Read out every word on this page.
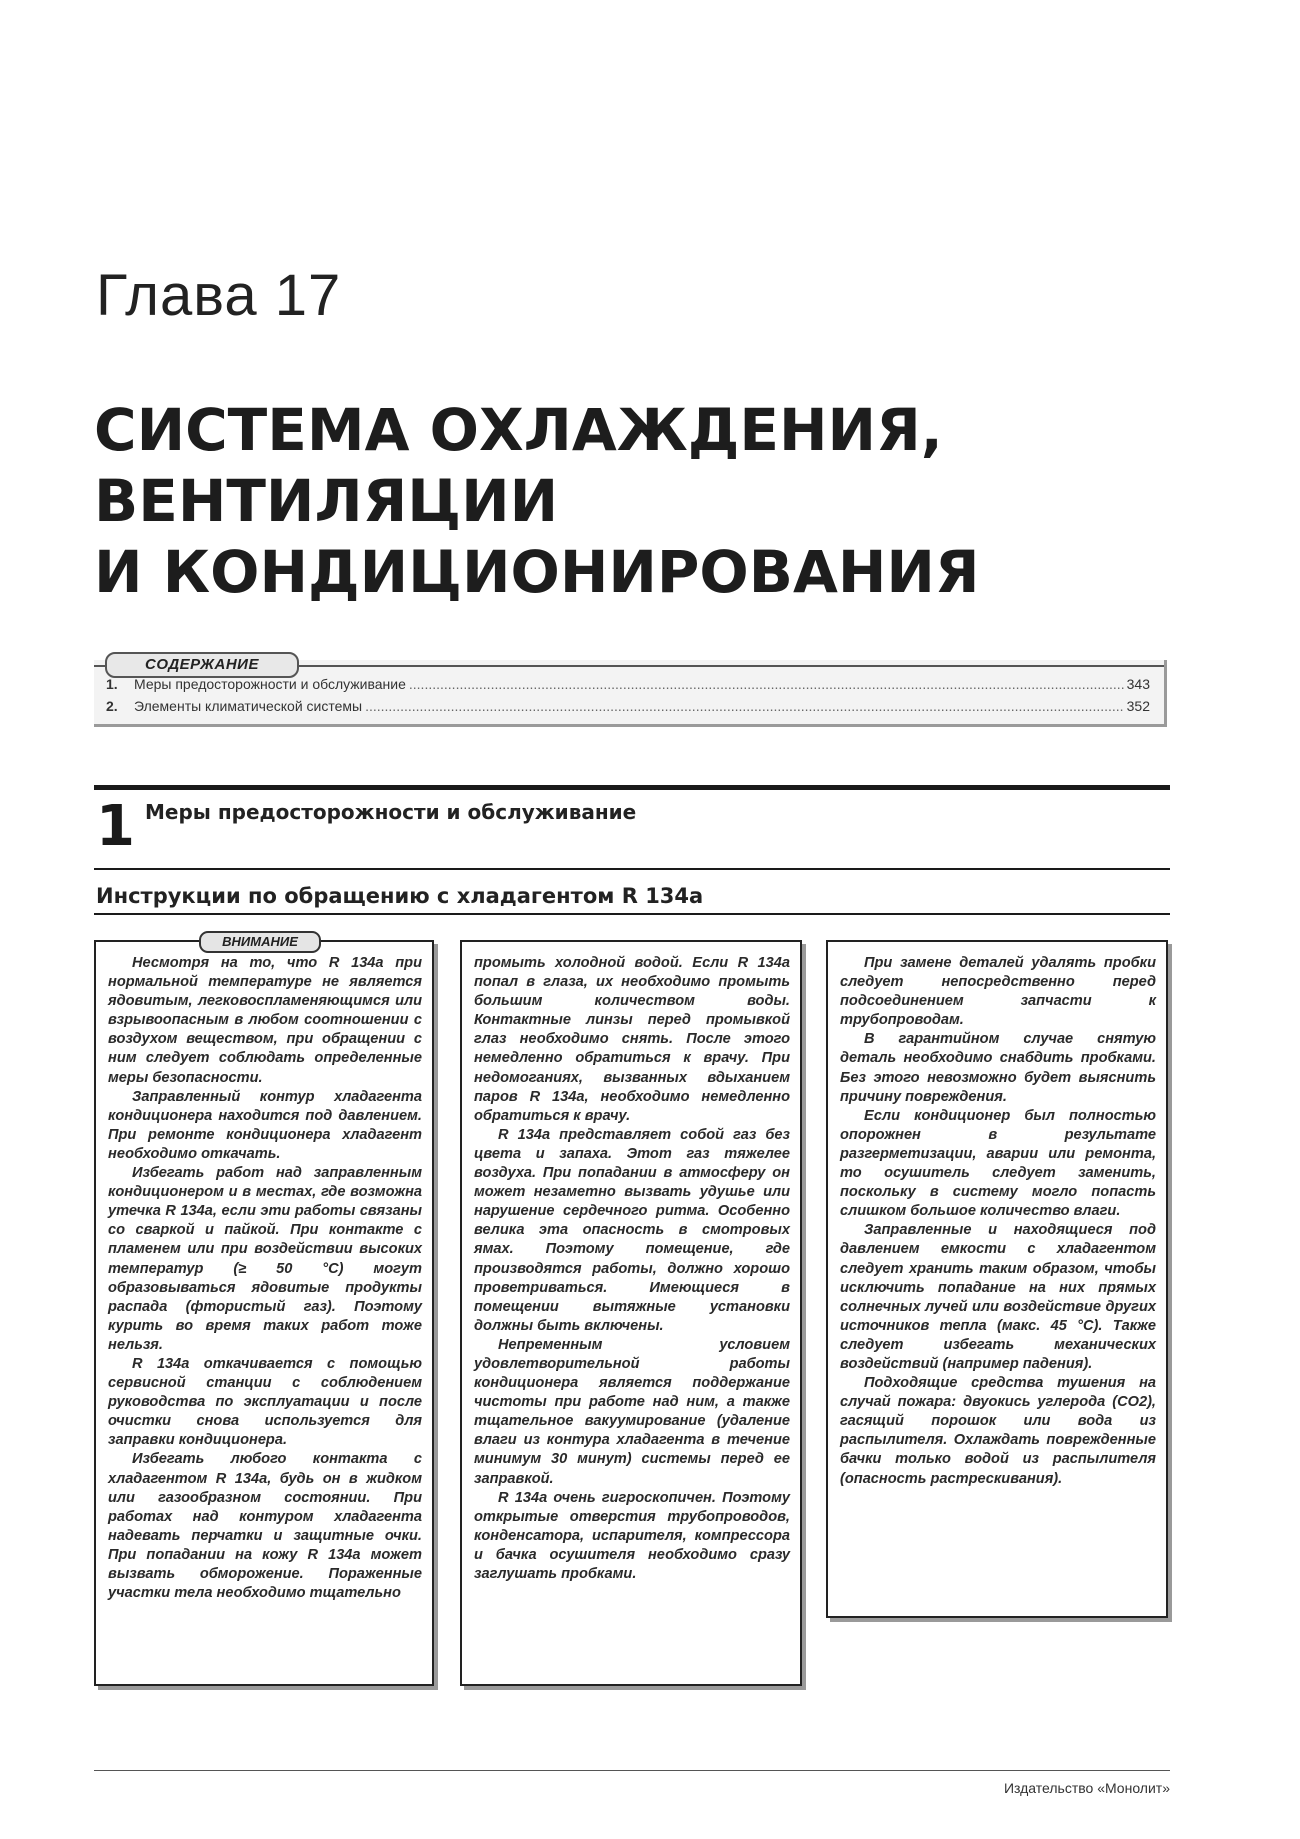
Глава 17
СИСТЕМА ОХЛАЖДЕНИЯ,
ВЕНТИЛЯЦИИ
И КОНДИЦИОНИРОВАНИЯ
СОДЕРЖАНИЕ
1.	Меры предосторожности и обслуживание .....	343
2.	Элементы климатической системы .....	352
1 Меры предосторожности и обслуживание
Инструкции по обращению с хладагентом R 134a
ВНИМАНИЕ

Несмотря на то, что R 134a при нормальной температуре не является ядовитым, легковоспламеняющимся или взрывоопасным в любом соотношении с воздухом веществом, при обращении с ним следует соблюдать определенные меры безопасности.

Заправленный контур хладагента кондиционера находится под давлением. При ремонте кондиционера хладагент необходимо откачать.

Избегать работ над заправленным кондиционером и в местах, где возможна утечка R 134a, если эти работы связаны со сваркой и пайкой. При контакте с пламенем или при воздействии высоких температур (≥ 50 °C) могут образовываться ядовитые продукты распада (фтористый газ). Поэтому курить во время таких работ тоже нельзя.

R 134a откачивается с помощью сервисной станции с соблюдением руководства по эксплуатации и после очистки снова используется для заправки кондиционера.

Избегать любого контакта с хладагентом R 134a, будь он в жидком или газообразном состоянии. При работах над контуром хладагента надевать перчатки и защитные очки. При попадании на кожу R 134a может вызвать обморожение. Пораженные участки тела необходимо тщательно

промыть холодной водой. Если R 134a попал в глаза, их необходимо промыть большим количеством воды. Контактные линзы перед промывкой глаз необходимо снять. После этого немедленно обратиться к врачу. При недомоганиях, вызванных вдыханием паров R 134a, необходимо немедленно обратиться к врачу.

R 134a представляет собой газ без цвета и запаха. Этот газ тяжелее воздуха. При попадании в атмосферу он может незаметно вызвать удушье или нарушение сердечного ритма. Особенно велика эта опасность в смотровых ямах. Поэтому помещение, где производятся работы, должно хорошо проветриваться. Имеющиеся в помещении вытяжные установки должны быть включены.

Непременным условием удовлетворительной работы кондиционера является поддержание чистоты при работе над ним, а также тщательное вакуумирование (удаление влаги из контура хладагента в течение минимум 30 минут) системы перед ее заправкой.

R 134a очень гигроскопичен. Поэтому открытые отверстия трубопроводов, конденсатора, испарителя, компрессора и бачка осушителя необходимо сразу заглушать пробками.

При замене деталей удалять пробки следует непосредственно перед подсоединением запчасти к трубопроводам.

В гарантийном случае снятую деталь необходимо снабдить пробками. Без этого невозможно будет выяснить причину повреждения.

Если кондиционер был полностью опорожнен в результате разгерметизации, аварии или ремонта, то осушитель следует заменить, поскольку в систему могло попасть слишком большое количество влаги.

Заправленные и находящиеся под давлением емкости с хладагентом следует хранить таким образом, чтобы исключить попадание на них прямых солнечных лучей или воздействие других источников тепла (макс. 45 °C). Также следует избегать механических воздействий (например падения).

Подходящие средства тушения на случай пожара: двуокись углерода (CO2), гасящий порошок или вода из распылителя. Охлаждать поврежденные бачки только водой из распылителя (опасность растрескивания).

Издательство «Монолит»
